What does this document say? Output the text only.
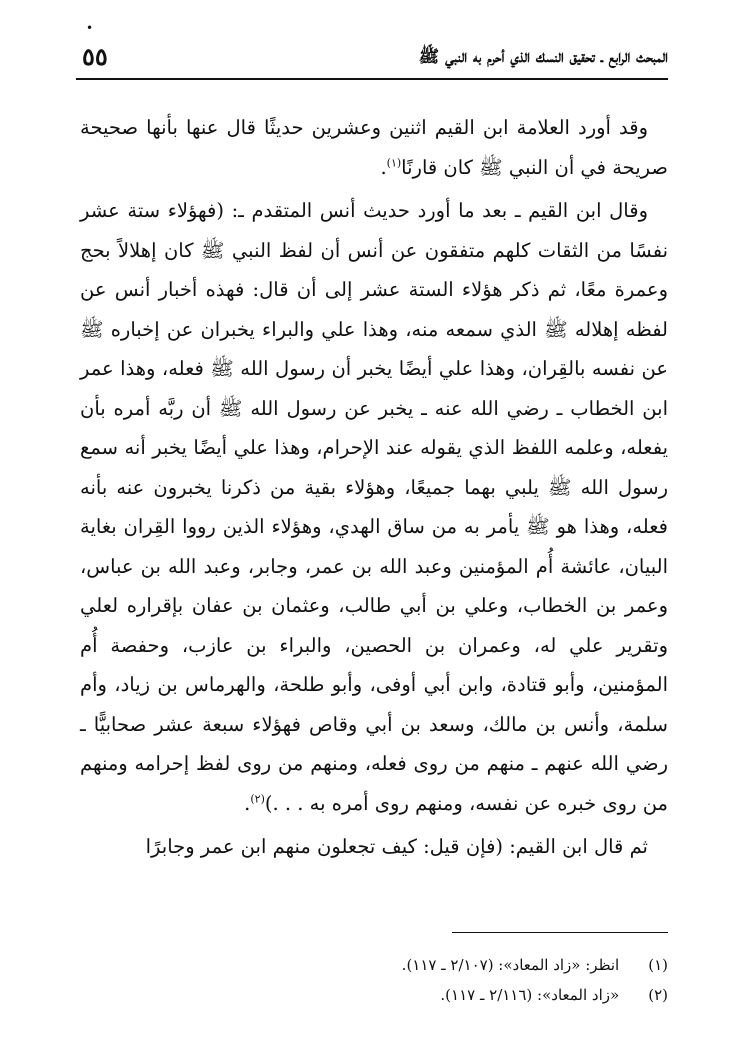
•
المبحث الرابع ـ تحقيق النسك الذي أحرم به النبي ﷺ
٥٥

وقد أورد العلامة ابن القيم اثنين وعشرين حديثًا قال عنها بأنها صحيحة صريحة في أن النبي ﷺ كان قارنًا$^{(١)}$.

وقال ابن القيم ـ بعد ما أورد حديث أنس المتقدم ـ: (فهؤلاء ستة عشر نفسًا من الثقات كلهم متفقون عن أنس أن لفظ النبي ﷺ كان إهلالاً بحج وعمرة معًا، ثم ذكر هؤلاء الستة عشر إلى أن قال: فهذه أخبار أنس عن لفظه إهلاله ﷺ الذي سمعه منه، وهذا علي والبراء يخبران عن إخباره ﷺ عن نفسه بالقِران، وهذا علي أيضًا يخبر أن رسول الله ﷺ فعله، وهذا عمر ابن الخطاب ـ رضي الله عنه ـ يخبر عن رسول الله ﷺ أن ربَّه أمره بأن يفعله، وعلمه اللفظ الذي يقوله عند الإحرام، وهذا علي أيضًا يخبر أنه سمع رسول الله ﷺ يلبي بهما جميعًا، وهؤلاء بقية من ذكرنا يخبرون عنه بأنه فعله، وهذا هو ﷺ يأمر به من ساق الهدي، وهؤلاء الذين رووا القِران بغاية البيان، عائشة أُم المؤمنين وعبد الله بن عمر، وجابر، وعبد الله بن عباس، وعمر بن الخطاب، وعلي بن أبي طالب، وعثمان بن عفان بإقراره لعلي وتقرير علي له، وعمران بن الحصين، والبراء بن عازب، وحفصة أُم المؤمنين، وأبو قتادة، وابن أبي أوفى، وأبو طلحة، والهرماس بن زياد، وأم سلمة، وأنس بن مالك، وسعد بن أبي وقاص فهؤلاء سبعة عشر صحابيًّا ـ رضي الله عنهم ـ منهم من روى فعله، ومنهم من روى لفظ إحرامه ومنهم من روى خبره عن نفسه، ومنهم روى أمره به . . .)$^{(٢)}$.

ثم قال ابن القيم: (فإن قيل: كيف تجعلون منهم ابن عمر وجابرًا

(١) انظر: «زاد المعاد»: (٢/١٠٧ ـ ١١٧).
(٢) «زاد المعاد»: (٢/١١٦ ـ ١١٧).
